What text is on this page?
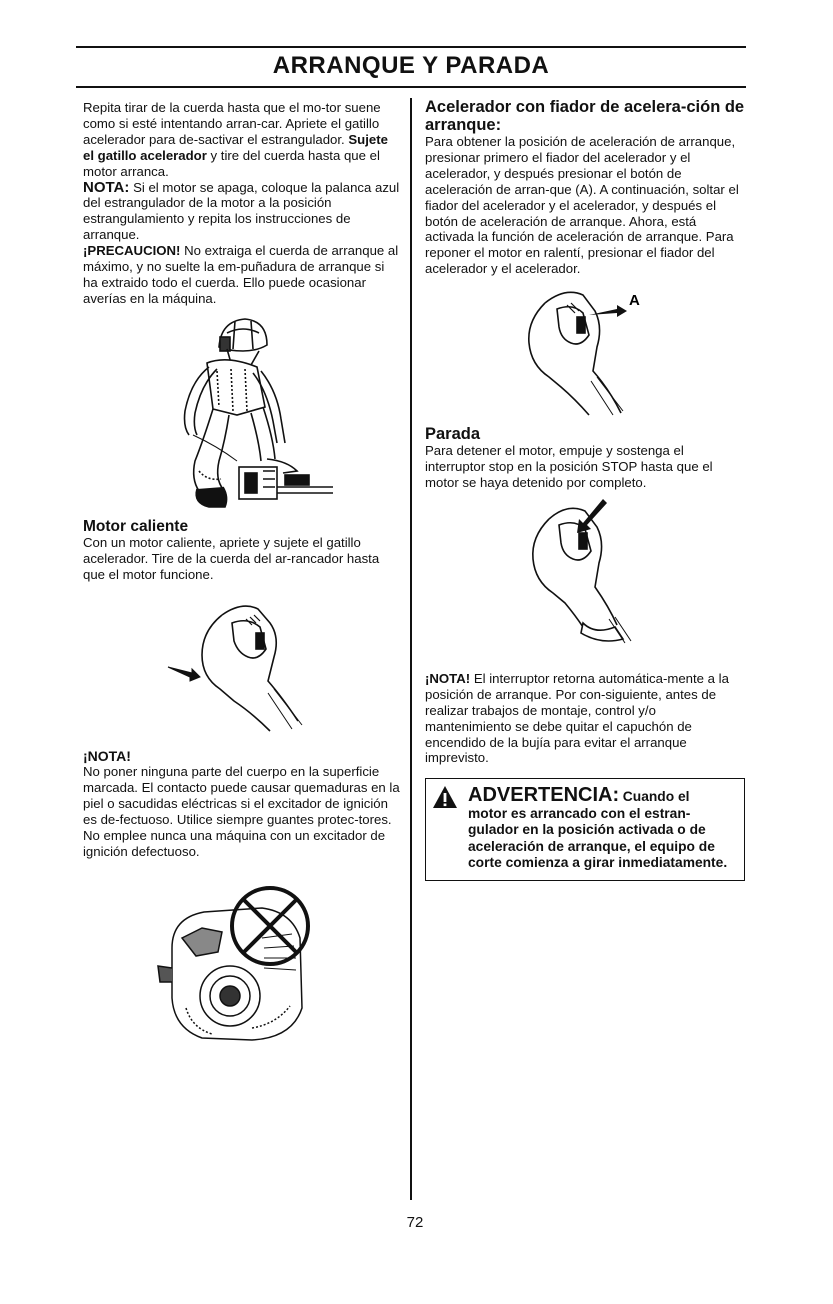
ARRANQUE Y PARADA

Repita tirar de la cuerda hasta que el mo-tor suene como si esté intentando arran-car. Apriete el gatillo acelerador para de-sactivar el estrangulador. Sujete el gatillo acelerador y tire del cuerda hasta que el motor arranca.

NOTA: Si el motor se apaga, coloque la palanca azul del estrangulador de la motor a la posición estrangulamiento y repita los instrucciones de arranque.

¡PRECAUCION! No extraiga el cuerda de arranque al máximo, y no suelte la em-puñadura de arranque si ha extraido todo el cuerda. Ello puede ocasionar averías en la máquina.

Motor caliente

Con un motor caliente, apriete y sujete el gatillo acelerador. Tire de la cuerda del ar-rancador hasta que el motor funcione.

¡NOTA!

No poner ninguna parte del cuerpo en la superficie marcada. El contacto puede causar quemaduras en la piel o sacudidas eléctricas si el excitador de ignición es de-fectuoso. Utilice siempre guantes protec-tores. No emplee nunca una máquina con un excitador de ignición defectuoso.

Acelerador con fiador de acelera-ción de arranque:

Para obtener la posición de aceleración de arranque, presionar primero el fiador del acelerador y el acelerador, y después presionar el botón de aceleración de arran-que (A). A continuación, soltar el fiador del acelerador y el acelerador, y después el botón de aceleración de arranque. Ahora, está activada la función de aceleración de arranque. Para reponer el motor en ralentí, presionar el fiador del acelerador y el acelerador.

A

Parada

Para detener el motor, empuje y sostenga el interruptor stop en la posición STOP hasta que el motor se haya detenido por completo.

¡NOTA! El interruptor retorna automática-mente a la posición de arranque. Por con-siguiente, antes de realizar trabajos de montaje, control y/o mantenimiento se debe quitar el capuchón de encendido de la bujía para evitar el arranque imprevisto.

ADVERTENCIA: Cuando el
motor es arrancado con el estran-gulador en la posición activada o de aceleración de arranque, el equipo de corte comienza a girar inmediatamente.
72
